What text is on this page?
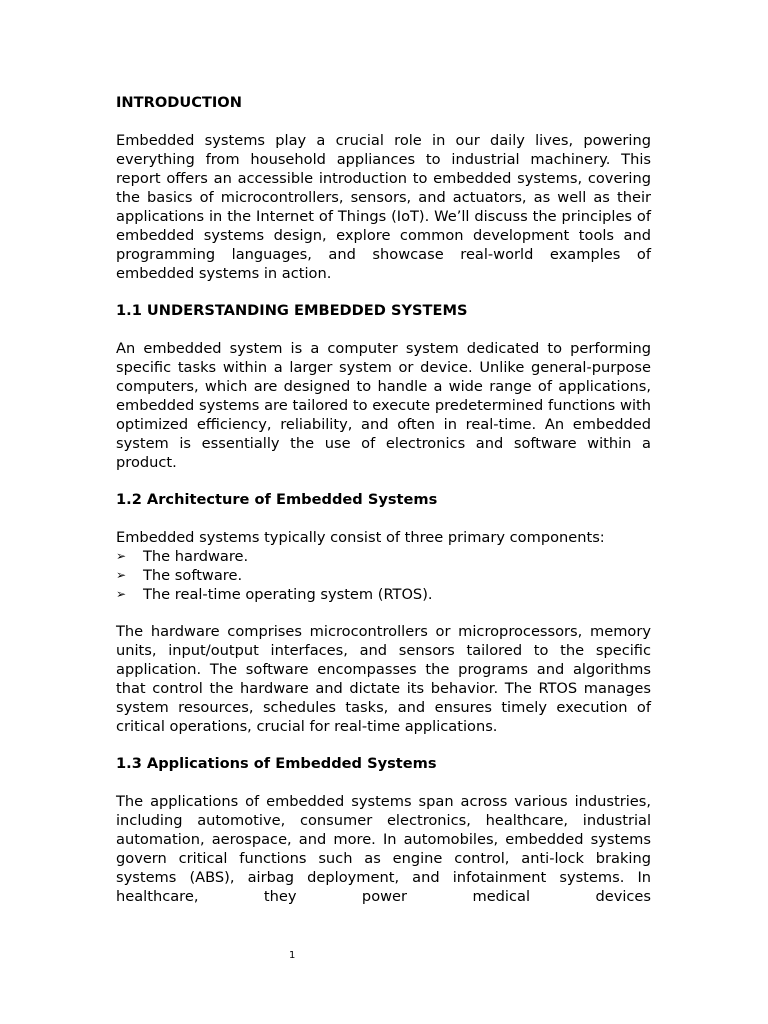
INTRODUCTION

Embedded systems play a crucial role in our daily lives, powering everything from household appliances to industrial machinery. This report offers an accessible introduction to embedded systems, covering the basics of microcontrollers, sensors, and actuators, as well as their applications in the Internet of Things (IoT). We’ll discuss the principles of embedded systems design, explore common development tools and programming languages, and showcase real-world examples of embedded systems in action.

1.1 UNDERSTANDING EMBEDDED SYSTEMS

An embedded system is a computer system dedicated to performing specific tasks within a larger system or device. Unlike general-purpose computers, which are designed to handle a wide range of applications, embedded systems are tailored to execute predetermined functions with optimized efficiency, reliability, and often in real-time. An embedded system is essentially the use of electronics and software within a product.

1.2 Architecture of Embedded Systems

Embedded systems typically consist of three primary components:

➢ The hardware.
➢ The software.
➢ The real-time operating system (RTOS).

The hardware comprises microcontrollers or microprocessors, memory units, input/output interfaces, and sensors tailored to the specific application. The software encompasses the programs and algorithms that control the hardware and dictate its behavior. The RTOS manages system resources, schedules tasks, and ensures timely execution of critical operations, crucial for real-time applications.

1.3 Applications of Embedded Systems

The applications of embedded systems span across various industries, including automotive, consumer electronics, healthcare, industrial automation, aerospace, and more. In automobiles, embedded systems govern critical functions such as engine control, anti-lock braking systems (ABS), airbag deployment, and infotainment systems. In healthcare, they power medical devices

1
